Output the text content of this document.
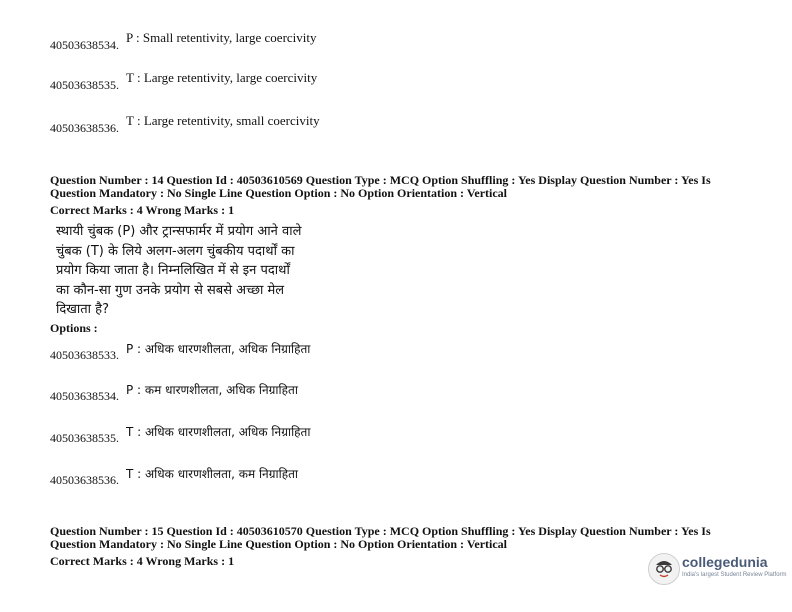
40503638534. P : Small retentivity, large coercivity
40503638535. T : Large retentivity, large coercivity
40503638536. T : Large retentivity, small coercivity
Question Number : 14 Question Id : 40503610569 Question Type : MCQ Option Shuffling : Yes Display Question Number : Yes Is
Question Mandatory : No Single Line Question Option : No Option Orientation : Vertical
Correct Marks : 4 Wrong Marks : 1
स्थायी चुंबक (P) और ट्रान्सफार्मर में प्रयोग आने वाले
चुंबक (T) के लिये अलग-अलग चुंबकीय पदार्थों का
प्रयोग किया जाता है। निम्नलिखित में से इन पदार्थों
का कौन-सा गुण उनके प्रयोग से सबसे अच्छा मेल
दिखाता है?
Options :
40503638533. P : अधिक धारणशीलता, अधिक निग्राहिता
40503638534. P : कम धारणशीलता, अधिक निग्राहिता
40503638535. T : अधिक धारणशीलता, अधिक निग्राहिता
40503638536. T : अधिक धारणशीलता, कम निग्राहिता
Question Number : 15 Question Id : 40503610570 Question Type : MCQ Option Shuffling : Yes Display Question Number : Yes Is
Question Mandatory : No Single Line Question Option : No Option Orientation : Vertical
Correct Marks : 4 Wrong Marks : 1	collegedunia
India's largest Student Review Platform
